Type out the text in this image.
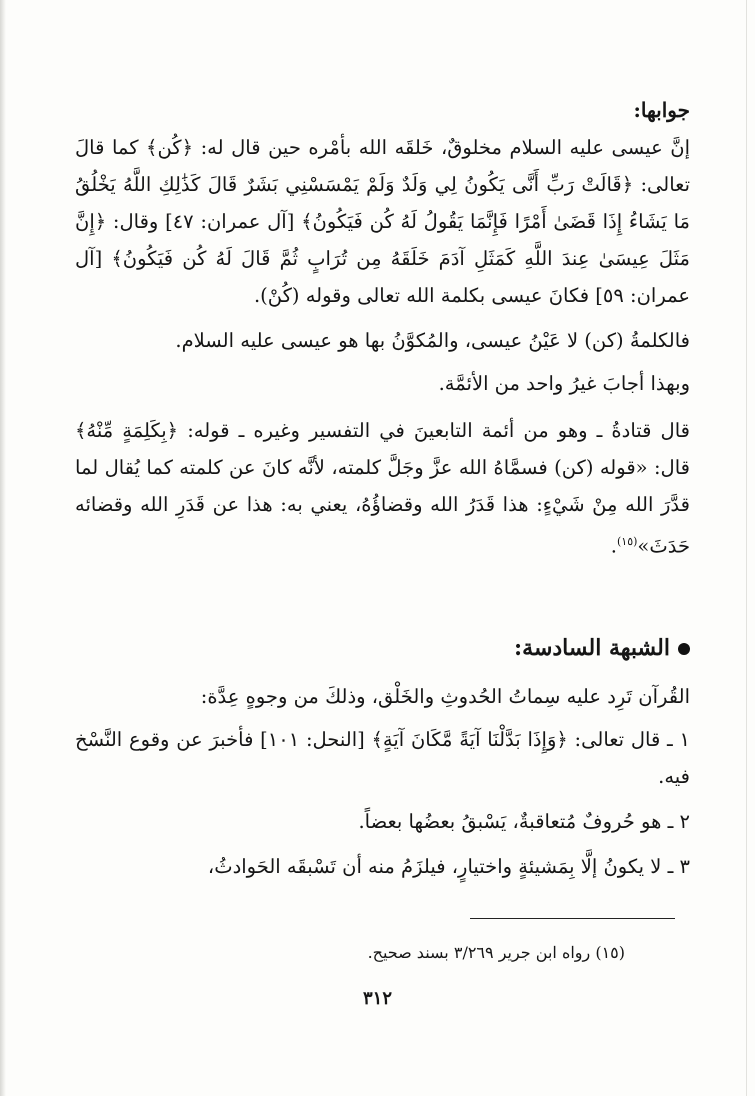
جوابها:

إنَّ عيسى عليه السلام مخلوقٌ، خَلقَه الله بأمْره حين قال له: ﴿كُن﴾ كما قالَ تعالى: ﴿قَالَتْ رَبِّ أَنَّى يَكُونُ لِي وَلَدٌ وَلَمْ يَمْسَسْنِي بَشَرٌ قَالَ كَذَٰلِكِ اللَّهُ يَخْلُقُ مَا يَشَاءُ إِذَا قَضَىٰ أَمْرًا فَإِنَّمَا يَقُولُ لَهُ كُن فَيَكُونُ﴾ [آل عمران: ٤٧] وقال: ﴿إِنَّ مَثَلَ عِيسَىٰ عِندَ اللَّهِ كَمَثَلِ آدَمَ خَلَقَهُ مِن تُرَابٍ ثُمَّ قَالَ لَهُ كُن فَيَكُونُ﴾ [آل عمران: ٥٩] فكانَ عيسى بكلمة الله تعالى وقوله (كُنْ).

فالكلمةُ (كن) لا عَيْنُ عيسى، والمُكوَّنُ بها هو عيسى عليه السلام.

وبهذا أجابَ غيرُ واحد من الأئمَّة.

قال قتادةُ ـ وهو من أئمة التابعينَ في التفسير وغيره ـ قوله: ﴿بِكَلِمَةٍ مِّنْهُ﴾ قال: «قوله (كن) فسمَّاهُ الله عزَّ وجَلَّ كلمته، لأنَّه كانَ عن كلمته كما يُقال لما قدَّرَ الله مِنْ شَيْءٍ: هذا قَدَرُ الله وقضاؤُهُ، يعني به: هذا عن قَدَرِ الله وقضائه حَدَثَ»$^{(١٥)}$.

الشبهة السادسة:

القُرآن تَرِد عليه سِماتُ الحُدوثِ والخَلْق، وذلكَ من وجوهٍ عِدَّة:

١ ـ قال تعالى: ﴿وَإِذَا بَدَّلْنَا آيَةً مَّكَانَ آيَةٍ﴾ [النحل: ١٠١] فأخبرَ عن وقوع النَّسْخ فيه.

٢ ـ هو حُروفٌ مُتعاقبةٌ، يَسْبقُ بعضُها بعضاً.

٣ ـ لا يكونُ إلَّا بِمَشيئةٍ واختيارٍ، فيلزَمُ منه أن تَسْبقَه الحَوادثُ،

(١٥) رواه ابن جرير ٣/٢٦٩ بسند صحيح.
٣١٢
